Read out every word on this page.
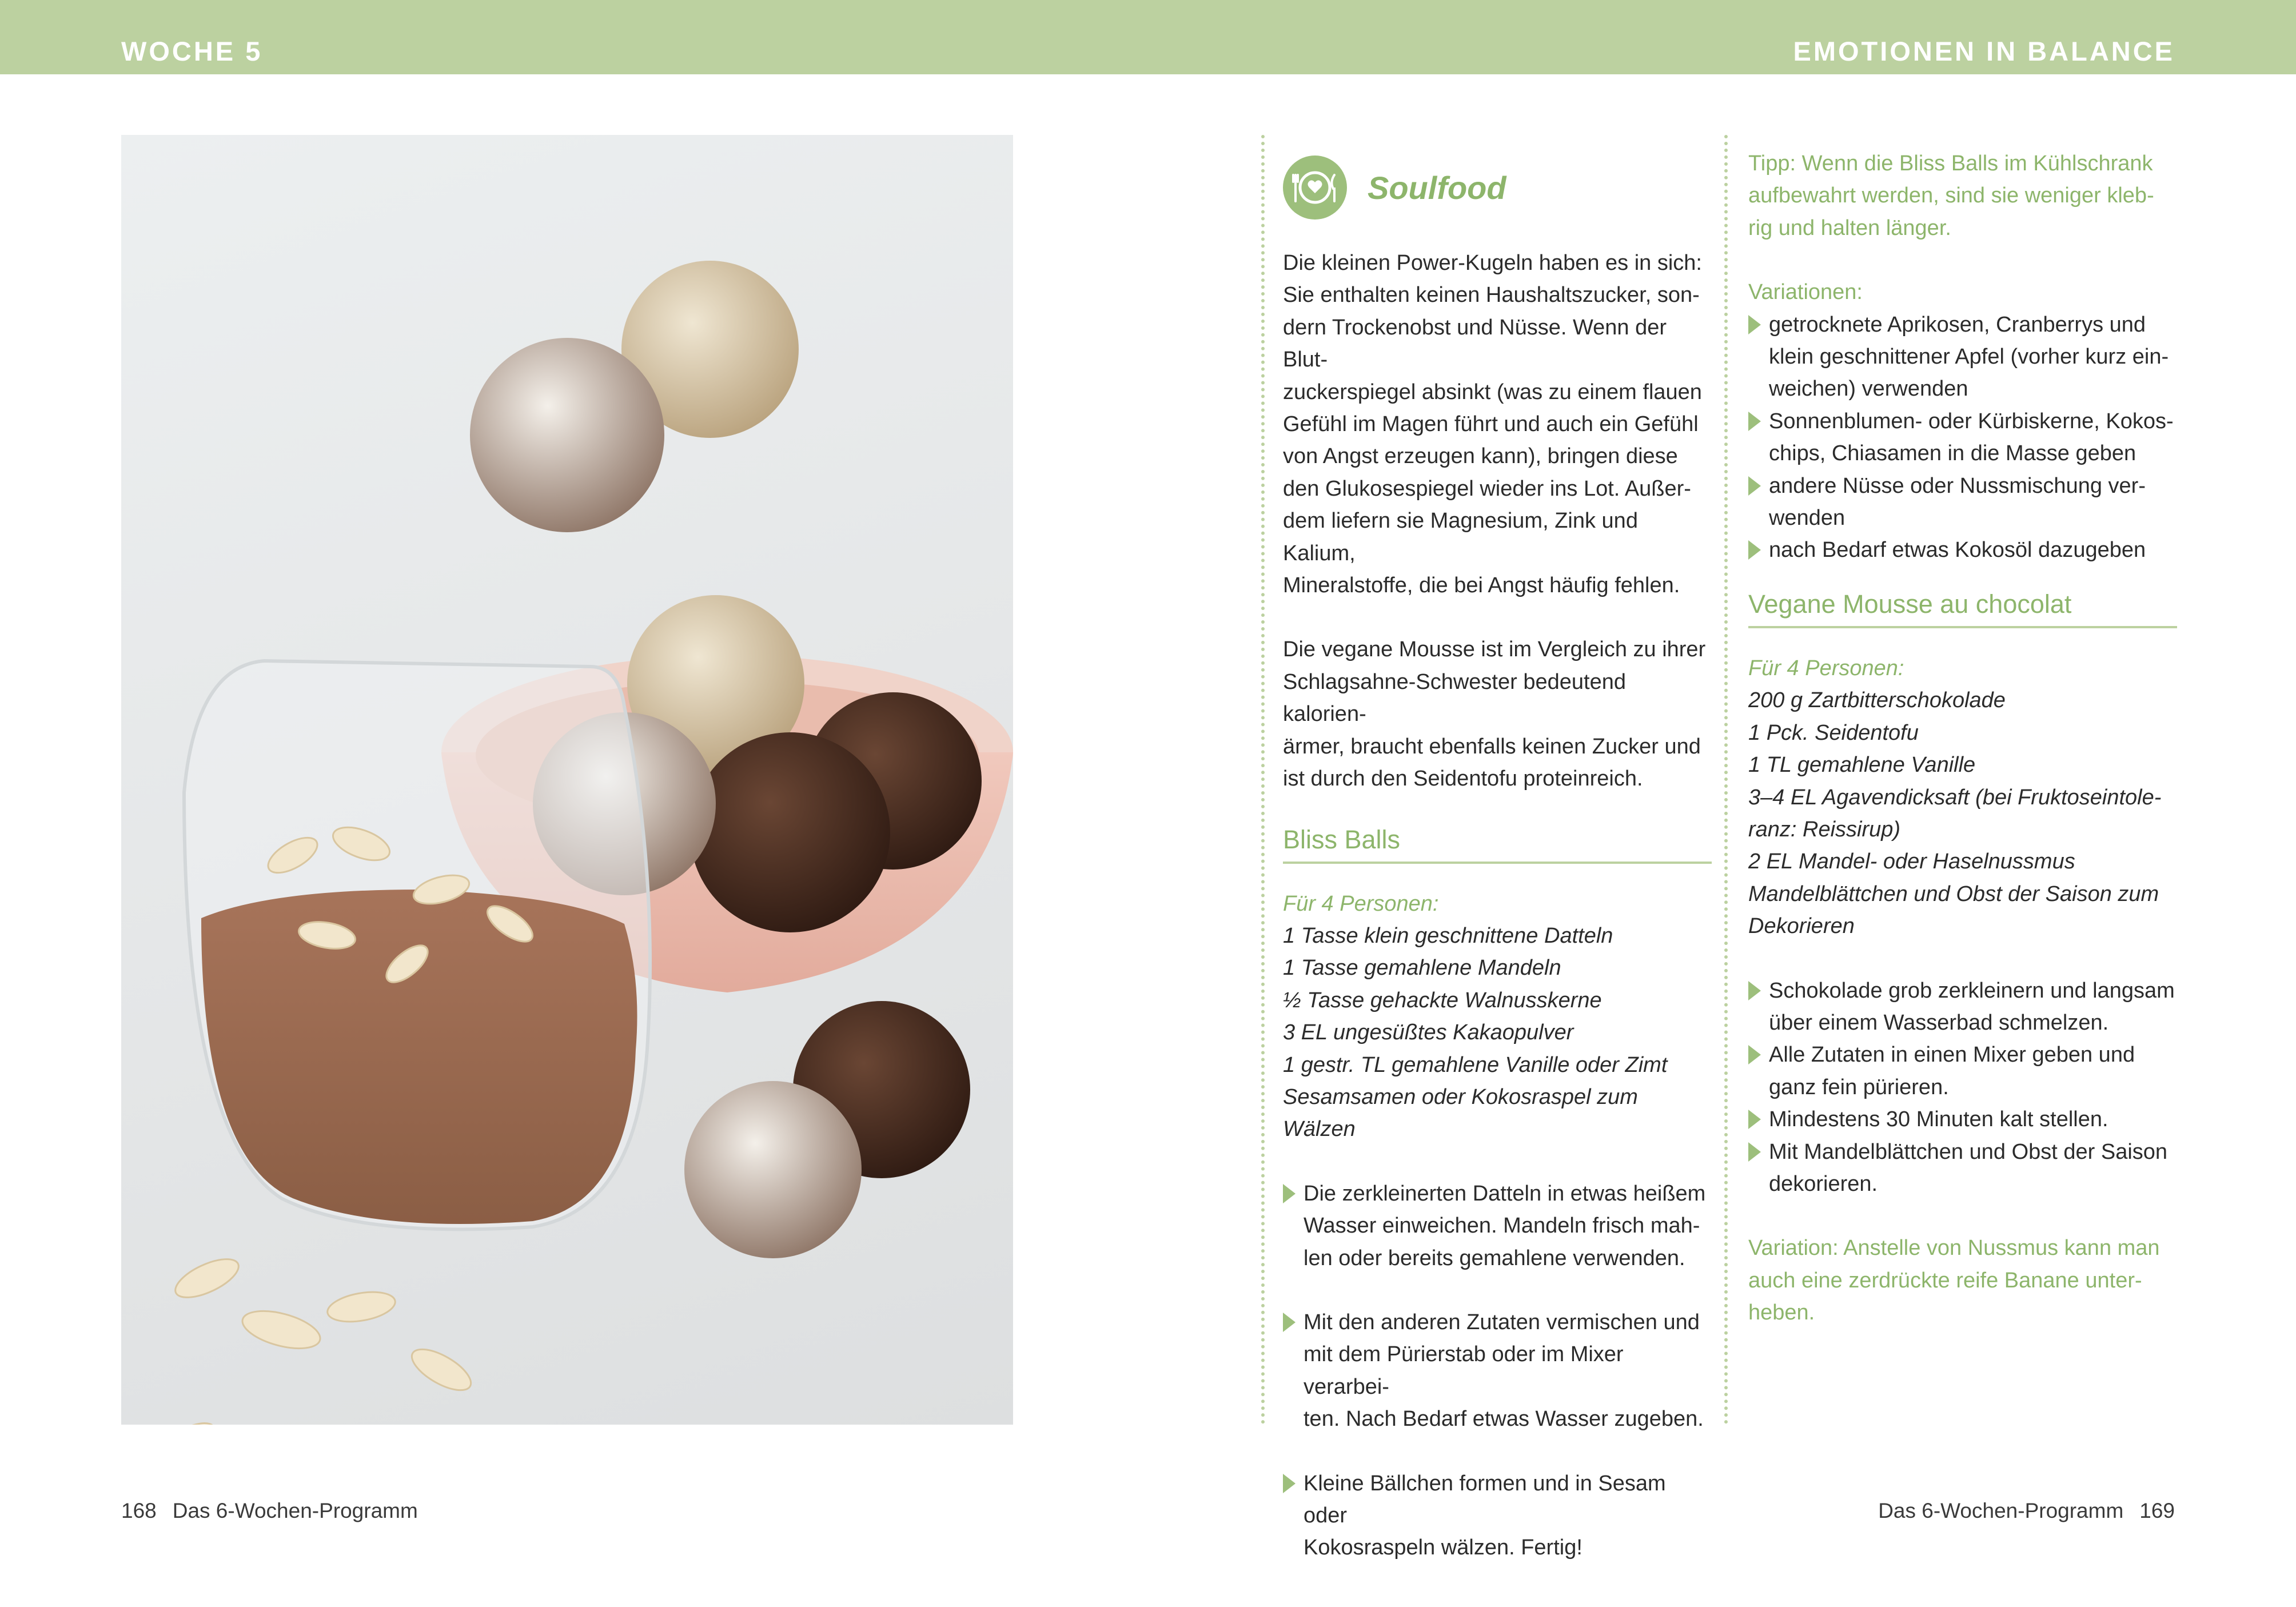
WOCHE 5	EMOTIONEN IN BALANCE
Soulfood

Die kleinen Power-Kugeln haben es in sich:
Sie enthalten keinen Haushaltszucker, son-
dern Trockenobst und Nüsse. Wenn der Blut-
zuckerspiegel absinkt (was zu einem flauen
Gefühl im Magen führt und auch ein Gefühl
von Angst erzeugen kann), bringen diese
den Glukosespiegel wieder ins Lot. Außer-
dem liefern sie Magnesium, Zink und Kalium,
Mineralstoffe, die bei Angst häufig fehlen.

Die vegane Mousse ist im Vergleich zu ihrer
Schlagsahne-Schwester bedeutend kalorien-
ärmer, braucht ebenfalls keinen Zucker und
ist durch den Seidentofu proteinreich.

Bliss Balls

Für 4 Personen:

1 Tasse klein geschnittene Datteln
1 Tasse gemahlene Mandeln
½ Tasse gehackte Walnusskerne
3 EL ungesüßtes Kakaopulver
1 gestr. TL gemahlene Vanille oder Zimt
Sesamsamen oder Kokosraspel zum Wälzen

Die zerkleinerten Datteln in etwas heißem
Wasser einweichen. Mandeln frisch mah-
len oder bereits gemahlene verwenden.

Mit den anderen Zutaten vermischen und
mit dem Pürierstab oder im Mixer verarbei-
ten. Nach Bedarf etwas Wasser zugeben.

Kleine Bällchen formen und in Sesam oder
Kokosraspeln wälzen. Fertig!

Tipp: Wenn die Bliss Balls im Kühlschrank
aufbewahrt werden, sind sie weniger kleb-
rig und halten länger.

Variationen:

getrocknete Aprikosen, Cranberrys und
klein geschnittener Apfel (vorher kurz ein-
weichen) verwenden

Sonnenblumen- oder Kürbiskerne, Kokos-
chips, Chiasamen in die Masse geben

andere Nüsse oder Nussmischung ver-
wenden

nach Bedarf etwas Kokosöl dazugeben

Vegane Mousse au chocolat

Für 4 Personen:

200 g Zartbitterschokolade
1 Pck. Seidentofu
1 TL gemahlene Vanille
3–4 EL Agavendicksaft (bei Fruktoseintole-
ranz: Reissirup)
2 EL Mandel- oder Haselnussmus
Mandelblättchen und Obst der Saison zum
Dekorieren

Schokolade grob zerkleinern und langsam
über einem Wasserbad schmelzen.

Alle Zutaten in einen Mixer geben und
ganz fein pürieren.

Mindestens 30 Minuten kalt stellen.

Mit Mandelblättchen und Obst der Saison
dekorieren.

Variation: Anstelle von Nussmus kann man
auch eine zerdrückte reife Banane unter-
heben.

168 Das 6-Wochen-Programm	Das 6-Wochen-Programm 169
